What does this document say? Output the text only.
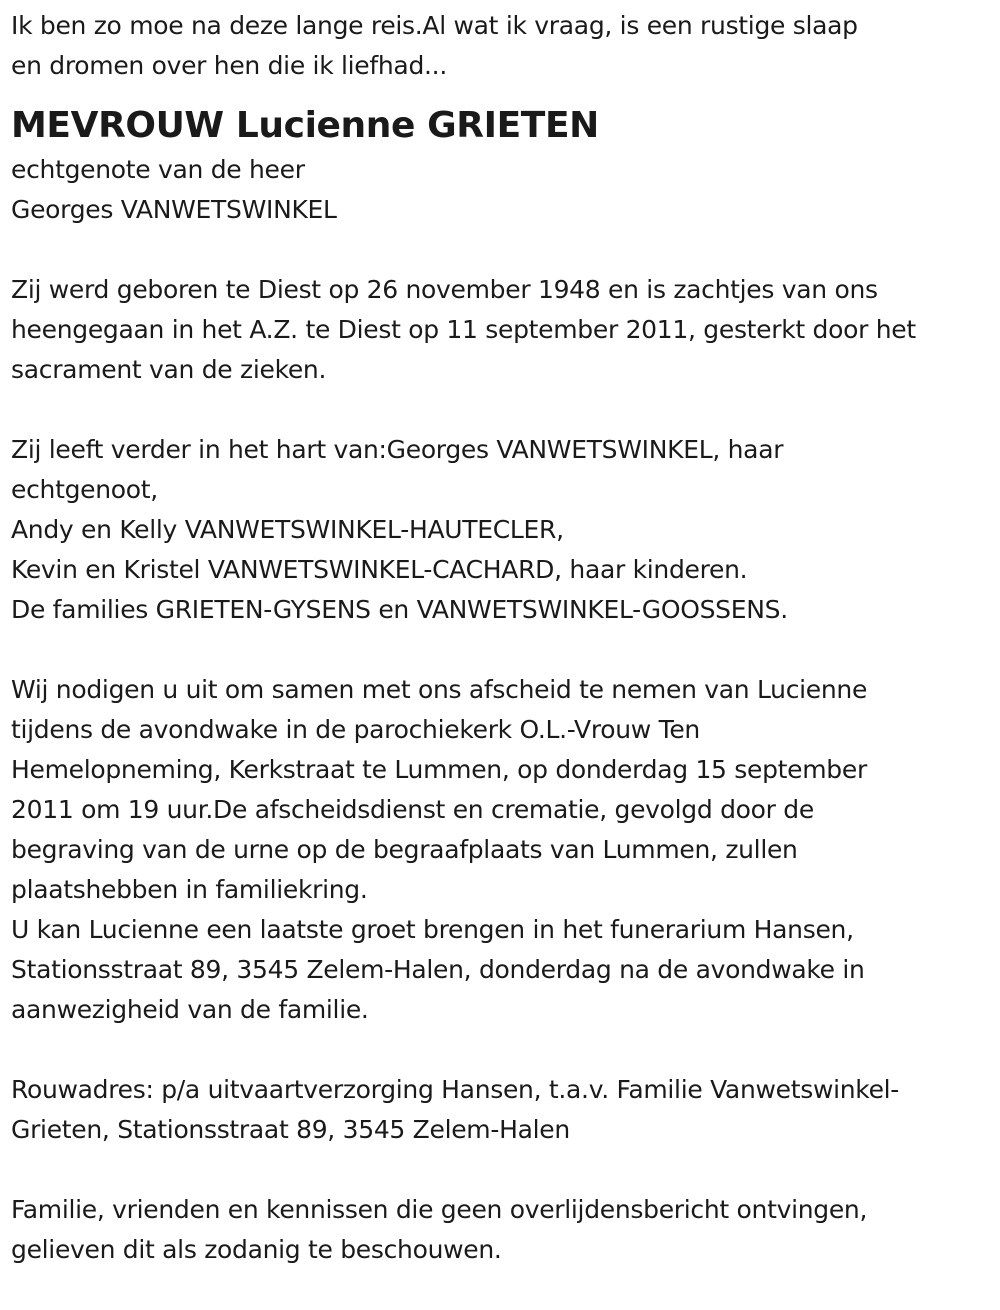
Ik ben zo moe na deze lange reis.Al wat ik vraag, is een rustige slaap
en dromen over hen die ik liefhad...
MEVROUW Lucienne GRIETEN
echtgenote van de heer
Georges VANWETSWINKEL
Zij werd geboren te Diest op 26 november 1948 en is zachtjes van ons
heengegaan in het A.Z. te Diest op 11 september 2011, gesterkt door het
sacrament van de zieken.
Zij leeft verder in het hart van:Georges VANWETSWINKEL, haar
echtgenoot,
Andy en Kelly VANWETSWINKEL-HAUTECLER,
Kevin en Kristel VANWETSWINKEL-CACHARD, haar kinderen.
De families GRIETEN-GYSENS en VANWETSWINKEL-GOOSSENS.
Wij nodigen u uit om samen met ons afscheid te nemen van Lucienne
tijdens de avondwake in de parochiekerk O.L.-Vrouw Ten
Hemelopneming, Kerkstraat te Lummen, op donderdag 15 september
2011 om 19 uur.De afscheidsdienst en crematie, gevolgd door de
begraving van de urne op de begraafplaats van Lummen, zullen
plaatshebben in familiekring.
U kan Lucienne een laatste groet brengen in het funerarium Hansen,
Stationsstraat 89, 3545 Zelem-Halen, donderdag na de avondwake in
aanwezigheid van de familie.
Rouwadres: p/a uitvaartverzorging Hansen, t.a.v. Familie Vanwetswinkel-
Grieten, Stationsstraat 89, 3545 Zelem-Halen
Familie, vrienden en kennissen die geen overlijdensbericht ontvingen,
gelieven dit als zodanig te beschouwen.
